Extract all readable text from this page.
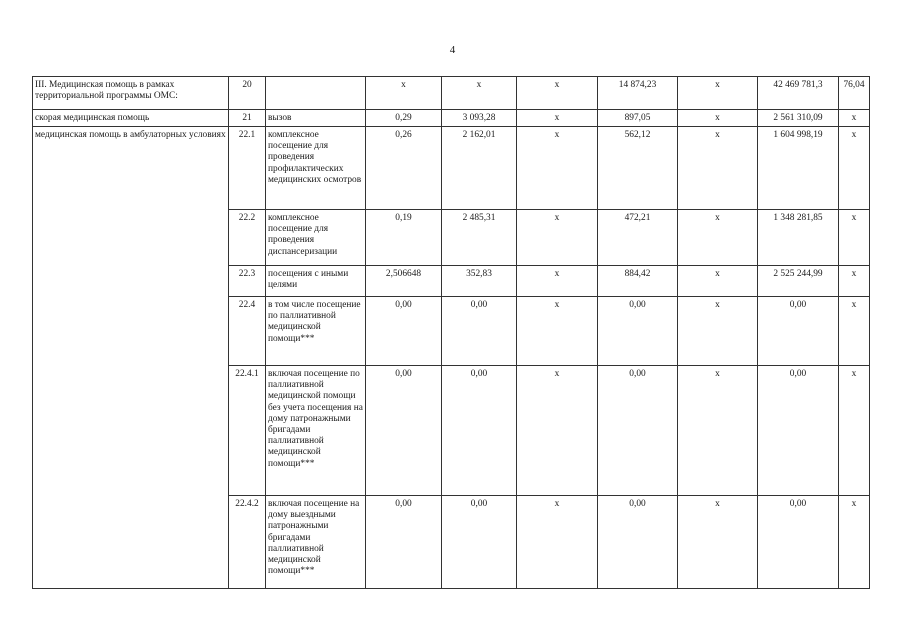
4
III. Медицинская помощь в рамках территориальной программы ОМС:	20		x	x	x	14 874,23	x	42 469 781,3	76,04
скорая медицинская помощь	21	вызов	0,29	3 093,28	x	897,05	x	2 561 310,09	x
медицинская помощь в амбулаторных условиях	22.1	комплексное посещение для проведения профилактических медицинских осмотров	0,26	2 162,01	x	562,12	x	1 604 998,19	x
	22.2	комплексное посещение для проведения диспансеризации	0,19	2 485,31	x	472,21	x	1 348 281,85	x
	22.3	посещения с иными целями	2,506648	352,83	x	884,42	x	2 525 244,99	x
	22.4	в том числе посещение по паллиативной медицинской помощи***	0,00	0,00	x	0,00	x	0,00	x
	22.4.1	включая посещение по паллиативной медицинской помощи без учета посещения на дому патронажными бригадами паллиативной медицинской помощи***	0,00	0,00	x	0,00	x	0,00	x
	22.4.2	включая посещение на дому выездными патронажными бригадами паллиативной медицинской помощи***	0,00	0,00	x	0,00	x	0,00	x
